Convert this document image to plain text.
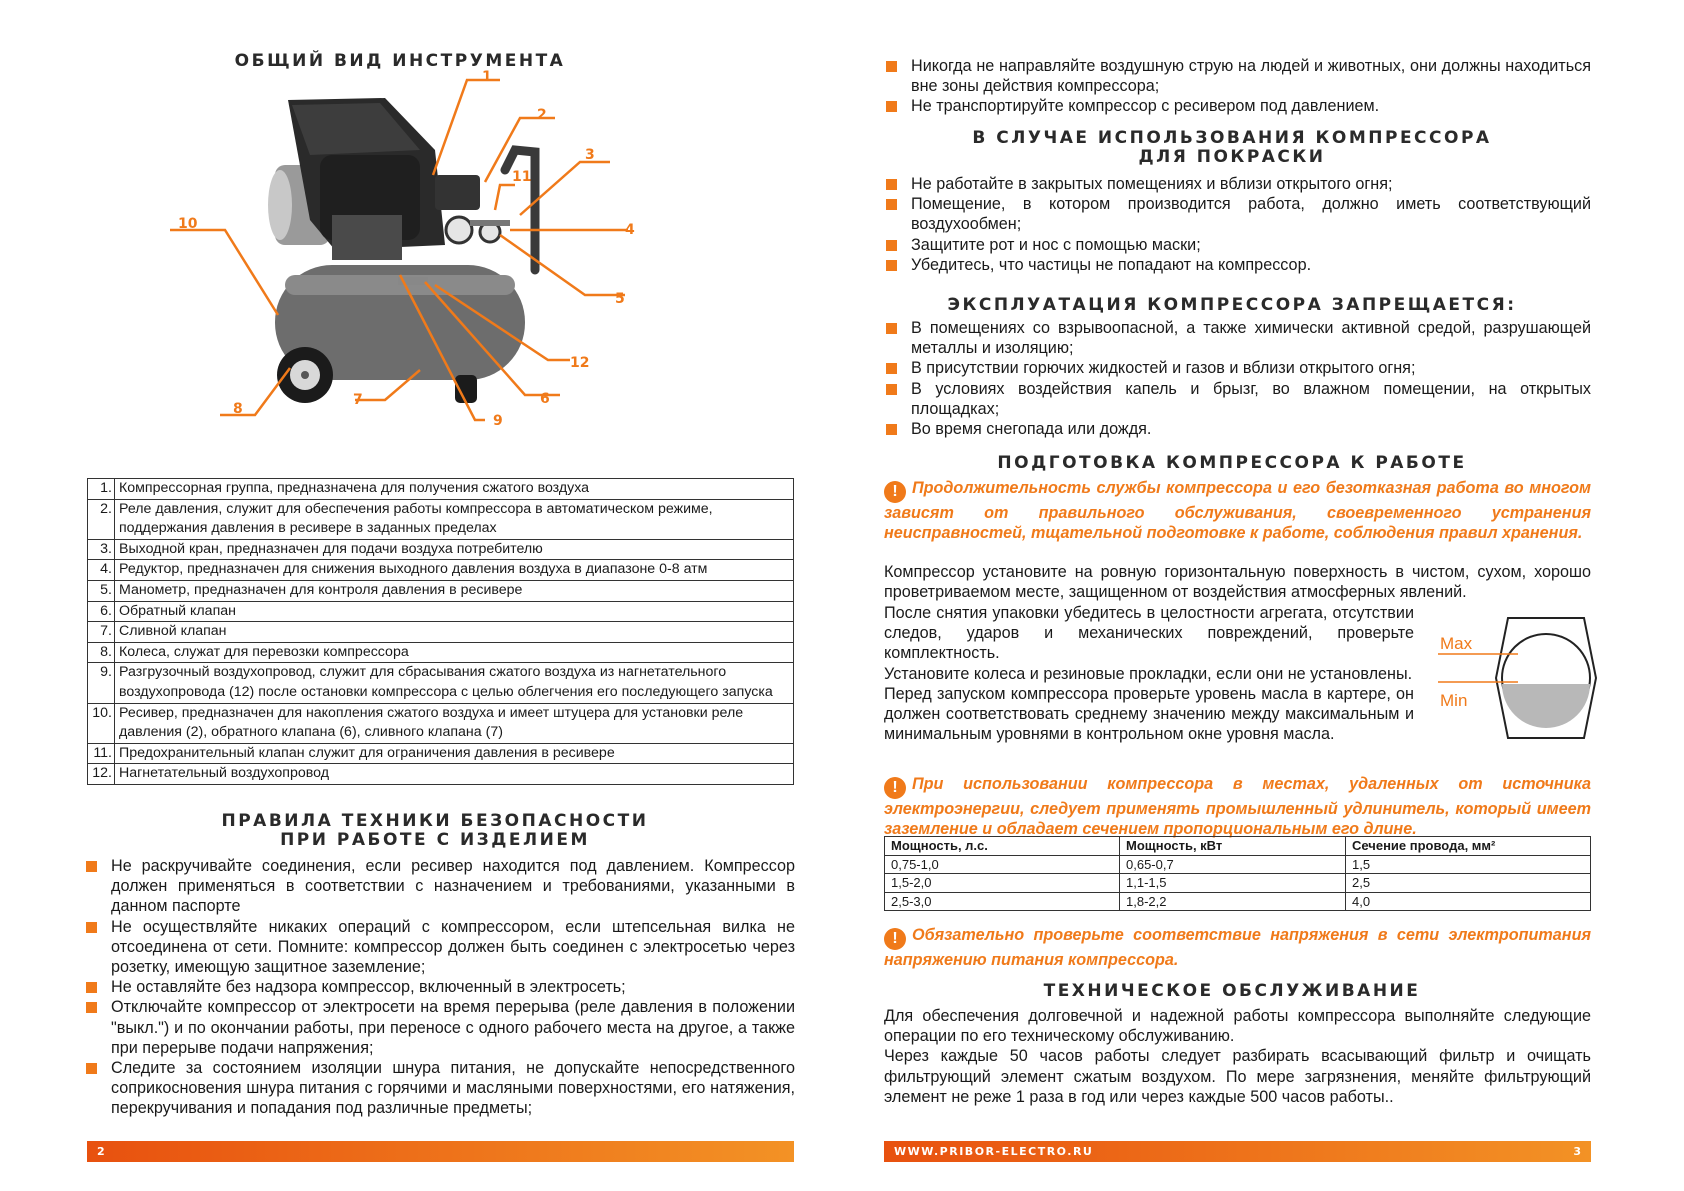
ОБЩИЙ ВИД ИНСТРУМЕНТА
1
2
3
4
5
6
7
8
9
10
11
12
1.	Компрессорная группа, предназначена для получения сжатого воздуха
2.	Реле давления, служит для обеспечения работы компрессора в автоматическом режиме, поддержания давления в ресивере в заданных пределах
3.	Выходной кран, предназначен для подачи воздуха потребителю
4.	Редуктор, предназначен для снижения выходного давления воздуха в диапазоне 0-8 атм
5.	Манометр, предназначен для контроля давления в ресивере
6.	Обратный клапан
7.	Сливной клапан
8.	Колеса, служат для перевозки компрессора
9.	Разгрузочный воздухопровод, служит для сбрасывания сжатого воздуха из нагнетательного воздухопровода (12) после остановки компрессора с целью облегчения его последующего запуска
10.	Ресивер, предназначен для накопления сжатого воздуха и имеет штуцера для установки реле давления (2), обратного клапана (6), сливного клапана (7)
11.	Предохранительный клапан служит для ограничения давления в ресивере
12.	Нагнетательный воздухопровод
ПРАВИЛА ТЕХНИКИ БЕЗОПАСНОСТИ
ПРИ РАБОТЕ С ИЗДЕЛИЕМ
Не раскручивайте соединения, если ресивер находится под давлением. Компрессор должен применяться в соответствии с назначением и требованиями, указанными в данном паспорте
Не осуществляйте никаких операций с компрессором, если штепсельная вилка не отсоединена от сети. Помните: компрессор должен быть соединен с электросетью через розетку, имеющую защитное заземление;
Не оставляйте без надзора компрессор, включенный в электросеть;
Отключайте компрессор от электросети на время перерыва (реле давления в положении "выкл.") и по окончании работы, при переносе с одного рабочего места на другое, а также при перерыве подачи напряжения;
Следите за состоянием изоляции шнура питания, не допускайте непосредственного соприкосновения шнура питания с горячими и масляными поверхностями, его натяжения, перекручивания и попадания под различные предметы;
2
Никогда не направляйте воздушную струю на людей и животных, они должны находиться вне зоны действия компрессора;
Не транспортируйте компрессор с ресивером под давлением.
В СЛУЧАЕ ИСПОЛЬЗОВАНИЯ КОМПРЕССОРА
ДЛЯ ПОКРАСКИ
Не работайте в закрытых помещениях и вблизи открытого огня;
Помещение, в котором производится работа, должно иметь соответствующий воздухообмен;
Защитите рот и нос с помощью маски;
Убедитесь, что частицы не попадают на компрессор.
ЭКСПЛУАТАЦИЯ КОМПРЕССОРА ЗАПРЕЩАЕТСЯ:
В помещениях со взрывоопасной, а также химически активной средой, разрушающей металлы и изоляцию;
В присутствии горючих жидкостей и газов и вблизи открытого огня;
В условиях воздействия капель и брызг, во влажном помещении, на открытых площадках;
Во время снегопада или дождя.
ПОДГОТОВКА КОМПРЕССОРА К РАБОТЕ
! Продолжительность службы компрессора и его безотказная работа во многом зависят от правильного обслуживания, своевременного устранения неисправностей, тщательной подготовке к работе, соблюдения правил хранения.
Компрессор установите на ровную горизонтальную поверхность в чистом, сухом, хорошо проветриваемом месте, защищенном от воздействия атмосферных явлений.
После снятия упаковки убедитесь в целостности агрегата, отсутствии следов, ударов и механических повреждений, проверьте комплектность.
Установите колеса и резиновые прокладки, если они не установлены.
Перед запуском компрессора проверьте уровень масла в картере, он должен соответствовать среднему значению между максимальным и минимальным уровнями в контрольном окне уровня масла.
Max
Min
! При использовании компрессора в местах, удаленных от источника электроэнергии, следует применять промышленный удлинитель, который имеет заземление и обладает сечением пропорциональным его длине.
Мощность, л.с.	Мощность, кВт	Сечение провода, мм²
0,75-1,0	0,65-0,7	1,5
1,5-2,0	1,1-1,5	2,5
2,5-3,0	1,8-2,2	4,0
! Обязательно проверьте соответствие напряжения в сети электропитания напряжению питания компрессора.
ТЕХНИЧЕСКОЕ ОБСЛУЖИВАНИЕ
Для обеспечения долговечной и надежной работы компрессора выполняйте следующие операции по его техническому обслуживанию.
Через каждые 50 часов работы следует разбирать всасывающий фильтр и очищать фильтрующий элемент сжатым воздухом. По мере загрязнения, меняйте фильтрующий элемент не реже 1 раза в год или через каждые 500 часов работы..
WWW.PRIBOR-ELECTRO.RU	3
